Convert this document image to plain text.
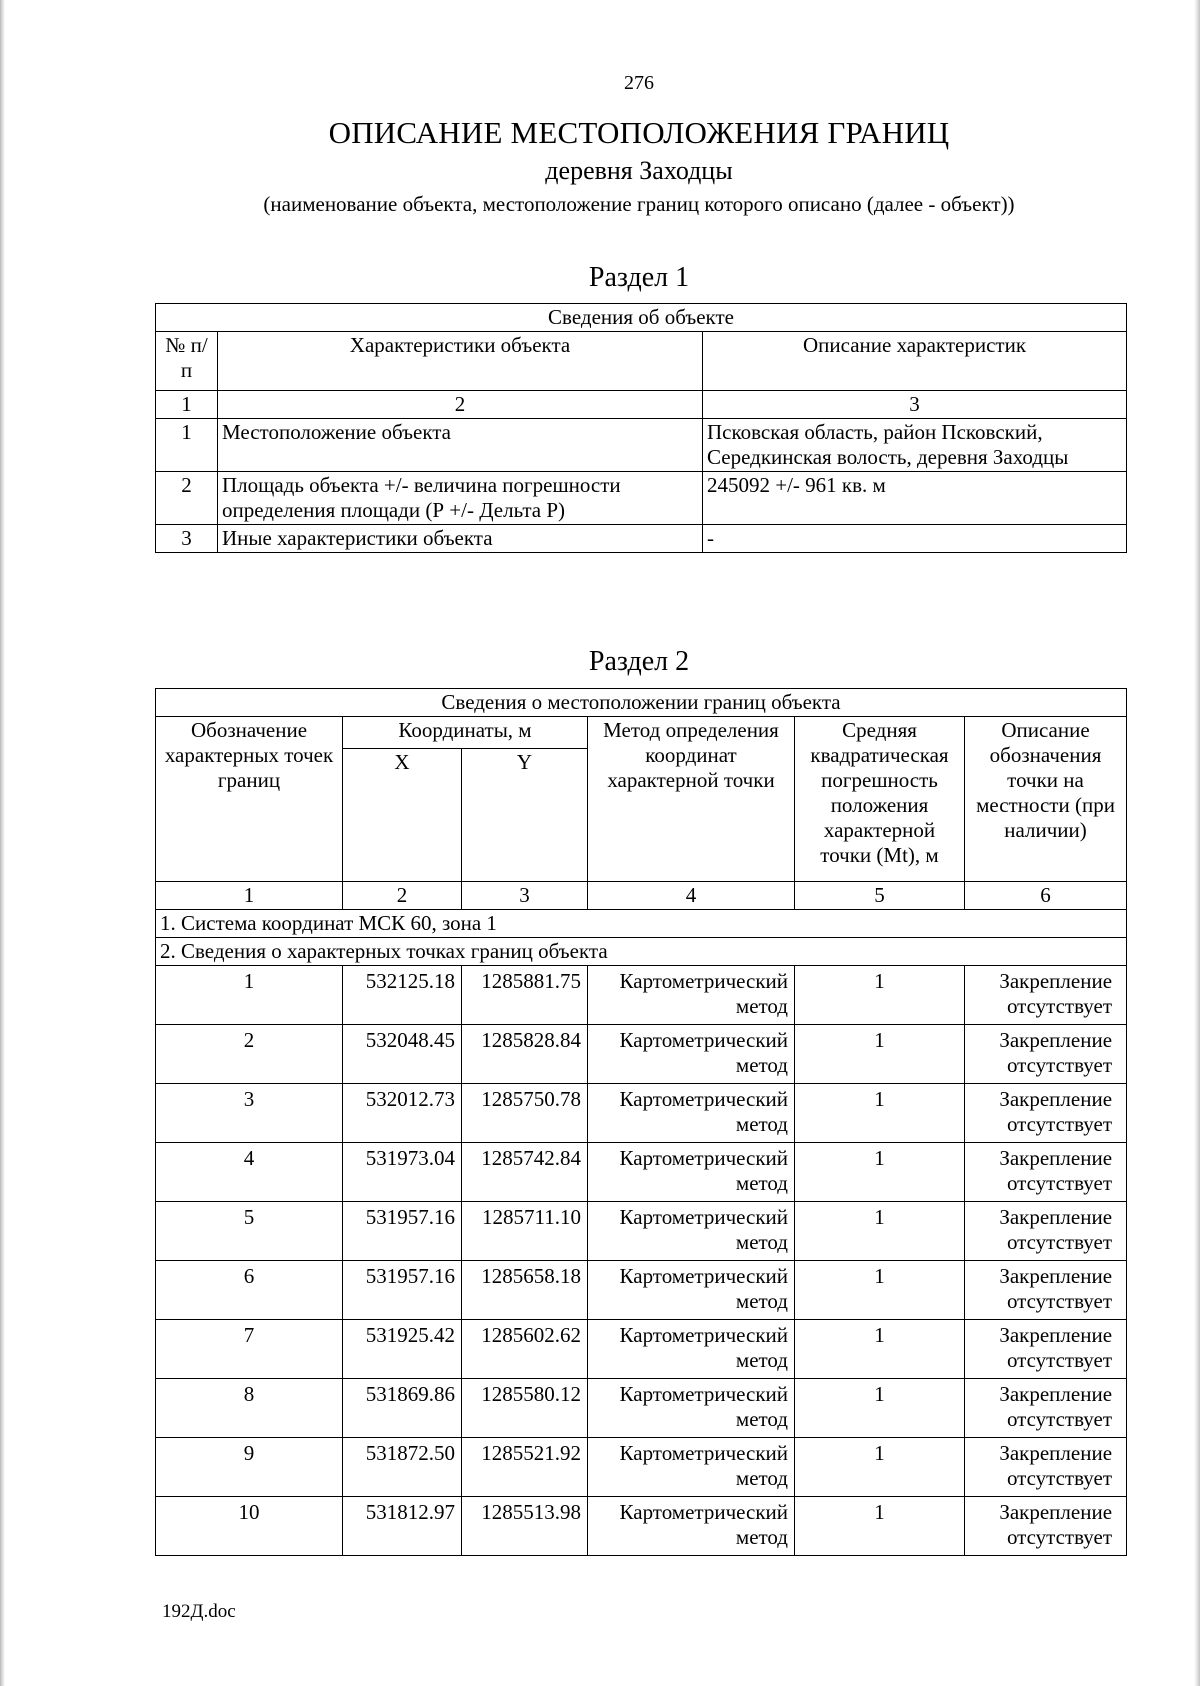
276
ОПИСАНИЕ МЕСТОПОЛОЖЕНИЯ ГРАНИЦ
деревня Заходцы
(наименование объекта, местоположение границ которого описано (далее - объект))
Раздел 1
Сведения об объекте		
№ п/п	Характеристики объекта	Описание характеристик
1	2	3
1	Местоположение объекта	Псковская область, район Псковский, Середкинская волость, деревня Заходцы
2	Площадь объекта +/- величина погрешности определения площади (Р +/- Дельта Р)	245092 +/- 961 кв. м
3	Иные характеристики объекта	-
Раздел 2
Сведения о местоположении границ объекта					
Обозначение характерных точек границ	Координаты, м		Метод определения координат характерной точки	Средняя квадратическая погрешность положения характерной точки (Мt), м	Описание обозначения точки на местности (при наличии)
	X	Y			
1	2	3	4	5	6
1. Система координат МСК 60, зона 1					
2. Сведения о характерных точках границ объекта					
1	532125.18	1285881.75	Картометрический метод	1	Закрепление отсутствует
2	532048.45	1285828.84	Картометрический метод	1	Закрепление отсутствует
3	532012.73	1285750.78	Картометрический метод	1	Закрепление отсутствует
4	531973.04	1285742.84	Картометрический метод	1	Закрепление отсутствует
5	531957.16	1285711.10	Картометрический метод	1	Закрепление отсутствует
6	531957.16	1285658.18	Картометрический метод	1	Закрепление отсутствует
7	531925.42	1285602.62	Картометрический метод	1	Закрепление отсутствует
8	531869.86	1285580.12	Картометрический метод	1	Закрепление отсутствует
9	531872.50	1285521.92	Картометрический метод	1	Закрепление отсутствует
10	531812.97	1285513.98	Картометрический метод	1	Закрепление отсутствует
192Д.doc
